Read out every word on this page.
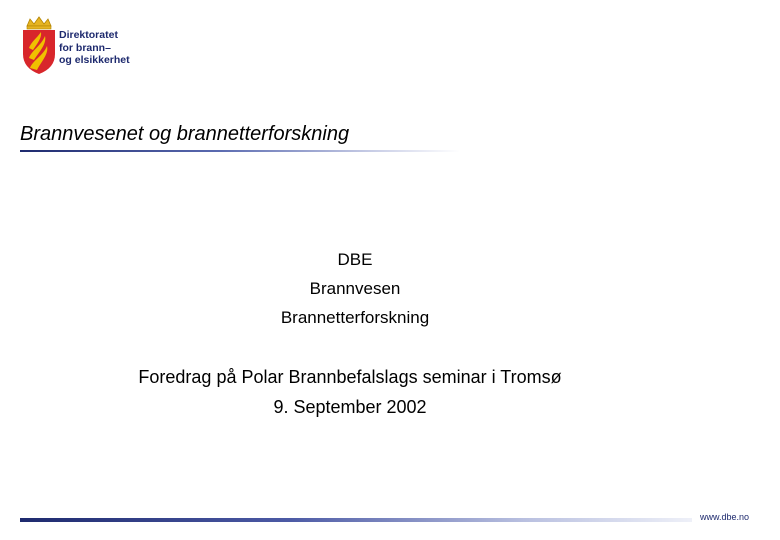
Direktoratet
for brann–
og elsikkerhet
Brannvesenet og brannetterforskning
DBE
Brannvesen
Brannetterforskning
Foredrag på Polar Brannbefalslags seminar i Tromsø
9. September 2002
www.dbe.no
